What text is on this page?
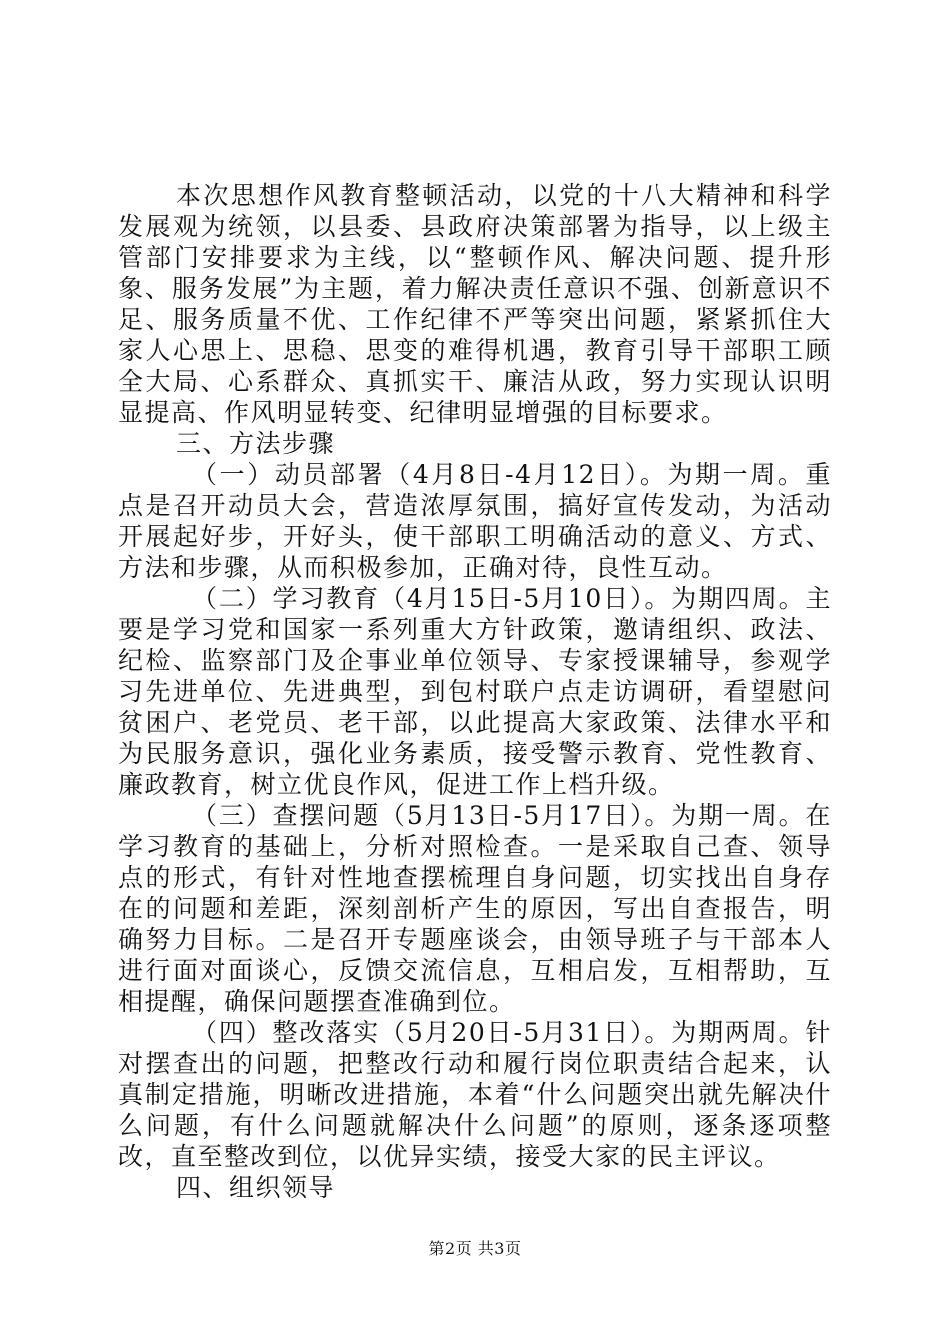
本次思想作风教育整顿活动，以党的十八大精神和科学发展观为统领，以县委、县政府决策部署为指导，以上级主管部门安排要求为主线，以“整顿作风、解决问题、提升形象、服务发展”为主题，着力解决责任意识不强、创新意识不足、服务质量不优、工作纪律不严等突出问题，紧紧抓住大家人心思上、思稳、思变的难得机遇，教育引导干部职工顾全大局、心系群众、真抓实干、廉洁从政，努力实现认识明显提高、作风明显转变、纪律明显增强的目标要求。

三、方法步骤

（一）动员部署（4月8日-4月12日）。为期一周。重点是召开动员大会，营造浓厚氛围，搞好宣传发动，为活动开展起好步，开好头，使干部职工明确活动的意义、方式、方法和步骤，从而积极参加，正确对待，良性互动。

（二）学习教育（4月15日-5月10日）。为期四周。主要是学习党和国家一系列重大方针政策，邀请组织、政法、纪检、监察部门及企事业单位领导、专家授课辅导，参观学习先进单位、先进典型，到包村联户点走访调研，看望慰问贫困户、老党员、老干部，以此提高大家政策、法律水平和为民服务意识，强化业务素质，接受警示教育、党性教育、廉政教育，树立优良作风，促进工作上档升级。

（三）查摆问题（5月13日-5月17日）。为期一周。在学习教育的基础上，分析对照检查。一是采取自己查、领导点的形式，有针对性地查摆梳理自身问题，切实找出自身存在的问题和差距，深刻剖析产生的原因，写出自查报告，明确努力目标。二是召开专题座谈会，由领导班子与干部本人进行面对面谈心，反馈交流信息，互相启发，互相帮助，互相提醒，确保问题摆查准确到位。

（四）整改落实（5月20日-5月31日）。为期两周。针对摆查出的问题，把整改行动和履行岗位职责结合起来，认真制定措施，明晰改进措施，本着“什么问题突出就先解决什么问题，有什么问题就解决什么问题”的原则，逐条逐项整改，直至整改到位，以优异实绩，接受大家的民主评议。

四、组织领导

第2页 共3页
